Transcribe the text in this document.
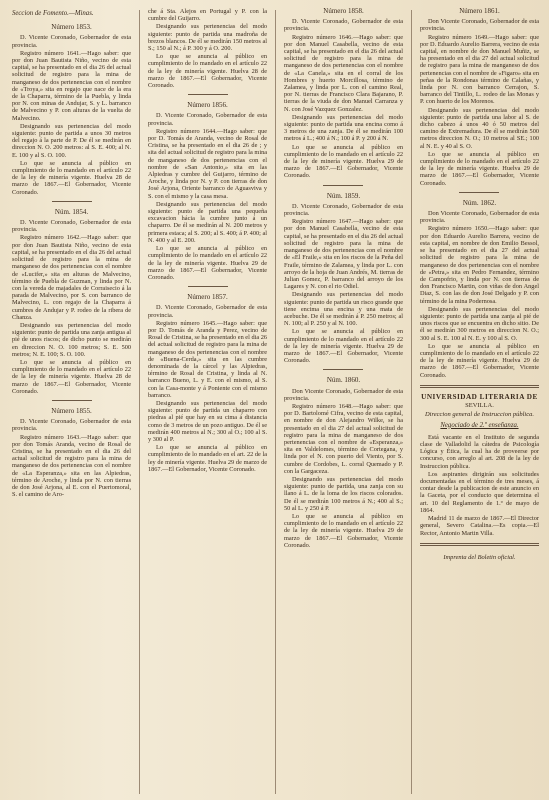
Seccion de Fomento.—Minas.
Número 1853.

D. Vicente Coronado, Gobernador de esta provincia.

Registro número 1641.—Hago saber: que por don Juan Bautista Niño, vecino de esta capital, se ha presentado en el dia 26 del actual solicitud de registro para la mina de manganeso de dos pertenencias con el nombre de «Troya,» sita en regajo que nace de la era de la Chaparra, término de la Puebla, y linda por N. con minas de Andujar, S. y L. barranco de Malvecino y P. con alturas de la vuelta de Malvecino.

Designando sus pertenencias del modo siguiente: punto de partida a unos 30 metros del regajo á la parte de P. De él se medirán en direccion N. O. 200 metros: al S. E. 400; al N. E. 100 y al S. O. 100.

Lo que se anuncia al público en cumplimiento de lo mandado en el artículo 22 de la ley de minería vigente. Huelva 28 de marzo de 1867.—El Gobernador, Vicente Coronado.

Núm. 1854.

D. Vicente Coronado, Gobernador de esta provincia.

Registro número 1642.—Hago saber: que por don Juan Bautista Niño, vecino de esta capital, se ha presentado en el dia 26 del actual solicitud de registro para la mina de manganeso de dos pertenencias con el nombre de «Lucifer,» sita en alturas de Malvecino, término de Puebla de Guzman, y linda por N. con la vereda de majadales de Corraisecio á la parada de Malvecino, por S. con barranco de Malvecino, L. con regajo de la Chaparra á cumbres de Andujar y P. rodeo de la ribera de Chanza.

Designando sus pertenencias del modo siguiente: punto de partida una zanja antigua al pié de unos riscos; de dicho punto se medirán en direccion N. O. 100 metros; S. E. 500 metros; N. E. 100; S. O. 100.

Lo que se anuncia al público en cumplimiento de lo mandado en el artículo 22 de la ley de minería vigente. Huelva 28 de marzo de 1867.—El Gobernador, Vicente Coronado.

Número 1855.

D. Vicente Coronado, Gobernador de esta provincia.

Registro número 1643.—Hago saber: que por don Tomás Aranda, vecino de Rosal de Cristina, se ha presentado en el dia 26 del actual solicitud de registro para la mina de manganeso de dos pertenencias con el nombre de «La Esperanza,» sita en las Alpiedras, término de Aroche, y linda por N. con tierras de don José Arjona, al E. con el Puertomoral, S. el camino de Aro-

che á Sta. Alejos en Portugal y P. con la cumbre del Guijarro.

Designando sus pertenencias del modo siguiente: punto de partida una madroña de brezos blancos. De él se medirán 150 metros al S.; 150 al N.; á P. 300 y á O. 200.

Lo que se anuncia al público en cumplimiento de lo mandado en el artículo 22 de la ley de minería vigente. Huelva 28 de marzo de 1867.—El Gobernador, Vicente Coronado.

Número 1856.

D. Vicente Coronado, Gobernador de esta provincia.

Registro número 1644.—Hago saber: que por D. Tomás de Aranda, vecino de Rosal de Cristina, se ha presentado en el dia 26 de ; y sita del actual solicitud de registro para la mina de manganeso de dos pertenencias con el nombre de «San Antonio,» sita en las Alpiedras y cumbre del Guijarro, término de Aroche, y linda por N. y P. con tierras de don José Arjona, Oriente barranco de Aguasviva y S. con el mismo y la casa mesa.

Designando sus pertenencias del modo siguiente: punto de partida una pequeña excavacion hácia la cumbre junto á un chaparro. De él se medirán al N. 200 metros y primera estaca; al S. 200; al S. 400; á P. 400; al N. 400 y al E. 200.

Lo que se anuncia al público en cumplimiento de lo mandado en el artículo 22 de la ley de minería vigente. Huelva 29 de marzo de 1867.—El Gobernador, Vicente Coronado.

Número 1857.

D. Vicente Coronado, Gobernador de esta provincia.

Registro número 1645.—Hago saber: que por D. Tomás de Aranda y Perez, vecino de Rosal de Cristina, se ha presentado en el dia 26 del actual solicitud de registro para la mina de manganeso de dos pertenencias con el nombre de «Buena-Cerda,» sita en las cumbre denominada de la cárcel y las Alpiedras, término de Rosal de Cristina, y linda al N. barranco Bueno, L. y E. con el mismo, al S. con la Casa-monte y á Poniente con el mismo barranco.

Designando sus pertenencias del modo siguiente: punto de partida un chaparro con piedras al pié que hay en su cima á distancia como de 3 metros de un pozo antiguo. De él se medirán 400 metros al N.; 300 al O.; 100 al S. y 300 al P.

Lo que se anuncia al público en cumplimiento de lo mandado en el art. 22 de la ley de minería vigente. Huelva 29 de marzo de 1867.—El Gobernador, Vicente Coronado.

Número 1858.

D. Vicente Coronado, Gobernador de esta provincia.

Registro número 1646.—Hago saber: que por don Manuel Casabella, vecino de esta capital, se ha presentado en el dia 26 del actual solicitud de registro para la mina de manganeso de dos pertenencias con el nombre de «La Canela,» sita en el corral de los Hombres y huerto Morcillosa, término de Zalamea, y linda por L. con el camino Real, por N. tierras de Francisco Clara Bajarano, P. tierras de la viuda de don Manuel Carranza y N. con José Vazquez Gonzalez.

Designando sus pertenencias del modo siguiente: punto de partida una encina como á 3 metros de una zanja. De él se medirán 100 metros á L.; 400 á N.; 100 á P. y 200 á N.

Lo que se anuncia al público en cumplimiento de lo mandado en el artículo 22 de la ley de minería vigente. Huelva 29 de marzo de 1867.—El Gobernador, Vicente Coronado.

Núm. 1859.

D. Vicente Coronado, Gobernador de esta provincia.

Registro número 1647.—Hago saber: que por don Manuel Casabella, vecino de esta capital, se ha presentado en el dia 26 del actual solicitud de registro para la mina de manganeso de dos pertenencias con el nombre de «El Fraile,» sita en los riscos de la Peña del Fraile, término de Zalamea, y linda por L. con arroyo de la hoja de Juan Andrés, M. tierras de Julian Gomez, P. barranco del arroyo de los Lagares y N. con el rio Odiel.

Designando sus pertenencias del modo siguiente: punto de partida un risco grande que tiene encima una encina y una mata de acebuche. De él se medirán á P. 250 metros; al N. 100; al P. 250 y al N. 100.

Lo que se anuncia al público en cumplimiento de lo mandado en el artículo 22 de la ley de minería vigente. Huelva 29 de marzo de 1867.—El Gobernador, Vicente Coronado.

Núm. 1860.

Don Vicente Coronado, Gobernador de esta provincia.

Registro número 1648.—Hago saber: que por D. Bartolomé Cifra, vecino de esta capital, en nombre de don Alejandro Wilke, se ha presentado en el dia 27 del actual solicitud de registro para la mina de manganeso de dos pertenencias con el nombre de «Esperanza,» sita en Valdelomes, término de Cortegana, y linda por el N. con puerto del Viento, por S. cumbre de Cordobes, L. corral Quemado y P. con la Gargaceza.

Designando sus pertenencias del modo siguiente: punto de partida, una zanja con su llano á L. de la loma de los riscos colorados. De él se medirán 100 metros á N.; 400 al S.; 50 al L. y 250 á P.

Lo que se anuncia al público en cumplimiento de lo mandado en el artículo 22 de la ley de minería vigente. Huelva 29 de marzo de 1867.—El Gobernador, Vicente Coronado.

Número 1861.

Don Vicente Coronado, Gobernador de esta provincia.

Registro número 1649.—Hago saber: que por D. Eduardo Aurelio Barrera, vecino de esta capital, en nombre de don Manuel Muñiz, se ha presentado en el dia 27 del actual solicitud de registro para la mina de manganeso de dos pertenencias con el nombre de «Figaro» sita en peñas de la Rondonas término de Calañas, y linda por N. con barranco Cerrajon, S. barranco del Tintillo, L. rodeo de las Monas y P. con huerto de los Morenos.

Designando sus pertenencias del modo siguiente: punto de partida una labor al S. de dicho cabezo á unos 40 ó 50 metros del camino de Extremadura. De él se medirán 500 metros direccion N. O.; 10 metros al SE.; 100 al N. E. y 40 al S. O.

Lo que se anuncia al público en cumplimiento de lo mandado en el artículo 22 de la ley de minería vigente. Huelva 29 de marzo de 1867.—El Gobernador, Vicente Coronado.

Núm. 1862.

Don Vicente Coronado, Gobernador de esta provincia.

Registro número 1650.—Hago saber: que por don Eduardo Aurelio Barrera, vecino de esta capital, en nombre de don Emilio Bessol, se ha presentado en el dia 27 del actual solicitud de registro para la mina de manganeso de dos pertenencias con el nombre de «Petra,» sita en Pedro Fernandez, término de Campofrio, y linda por N. con tierras de don Francisco Martin, con viñas de don Angel Diaz, S. con las de don José Delgado y P. con término de la mina Podernosa.

Designando sus pertenencias del modo siguiente: punto de partida una zanja al pié de unos riscos que se encuentra en dicho sitio. De él se medirán 300 metros en direccion N. O.; 300 al S. E. 100 al N. E. y 100 al S. O.

Lo que se anuncia al público en cumplimiento de lo mandado en el artículo 22 de la ley de minería vigente. Huelva 29 de marzo de 1867.—El Gobernador, Vicente Coronado.

UNIVERSIDAD LITERARIA DE
SEVILLA.
Direccion general de Instruccion pública.
Negociado de 2.º enseñanza.

Está vacante en el Instituto de segunda clase de Valladolid la cátedra de Psicología Lógica y Ética, la cual ha de proveerse por concurso, con arreglo al art. 208 de la ley de Instruccion pública.

Los aspirantes dirigirán sus solicitudes documentadas en el término de tres meses, á contar desde la publicacion de este anuncio en la Gaceta, por el conducto que determina el art. 10 del Reglamento de 1.º de mayo de 1864.

Madrid 11 de marzo de 1867.—El Director general, Severo Catalina.—Es copia.—El Rector, Antonio Martin Villa.

Imprenta del Boletin oficial.
